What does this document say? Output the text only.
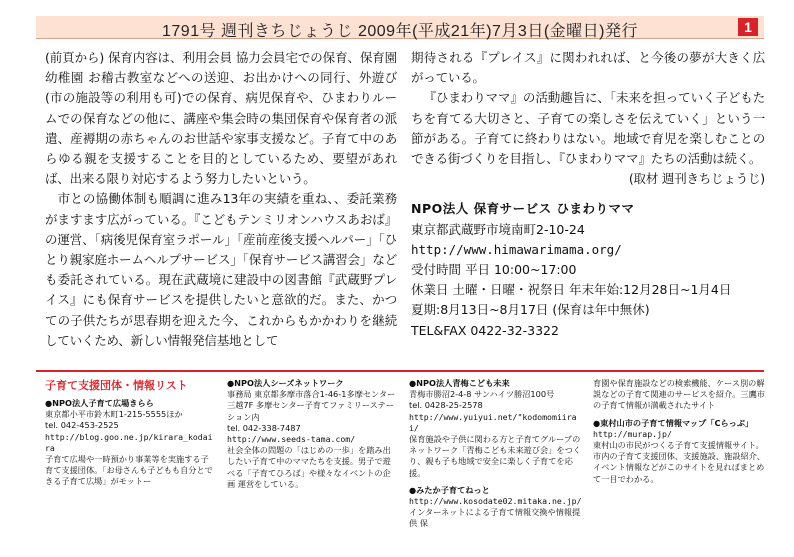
1791号 週刊きちじょうじ 2009年(平成21年)7月3日(金曜日)発行	1

(前頁から) 保育内容は、利用会員 協力会員宅での保育、保育園 幼稚園 お稽古教室などへの送迎、お出かけへの同行、外遊び(市の施設等の利用も可)での保育、病児保育や、ひまわりルームでの保育などの他に、講座や集会時の集団保育や保育者の派遣、産褥期の赤ちゃんのお世話や家事支援など。子育て中のあらゆる親を支援することを目的としているため、要望があれば、出来る限り対応するよう努力したいという。

市との協働体制も順調に進み13年の実績を重ね、、委託業務がますます広がっている。『こどもテンミリオンハウスあおば』の運営、「病後児保育室ラポール」「産前産後支援ヘルパー」「ひとり親家庭ホームヘルプサービス」「保育サービス講習会」なども委託されている。現在武蔵境に建設中の図書館『武蔵野プレイス』にも保育サービスを提供したいと意欲的だ。また、かつての子供たちが思春期を迎えた今、これからもかかわりを継続していくため、新しい情報発信基地として

期待される『プレイス』に関われれば、と今後の夢が大きく広がっている。

『ひまわりママ』の活動趣旨に、「未来を担っていく子どもたちを育てる大切さと、子育ての楽しさを伝えていく」という一節がある。子育てに終わりはない。地域で育児を楽しむことのできる街づくりを目指し、『ひまわりママ』たちの活動は続く。

(取材 週刊きちじょうじ)

NPO法人 保育サービス ひまわりママ
東京都武蔵野市境南町2-10-24
http://www.himawarimama.org/
受付時間 平日 10:00~17:00
休業日 土曜・日曜・祝祭日 年末年始:12月28日~1月4日
夏期:8月13日~8月17日 (保育は年中無休)
TEL&FAX 0422-32-3322
子育て支援団体・情報リスト
●NPO法人子育て広場きらら
東京都小平市鈴木町1-215-5555ほか
tel. 042-453-2525
http://blog.goo.ne.jp/kirara_kodaira
子育て広場や一時預かり事業等を実施する子育て支援団体。「お母さんも子どもも自分とできる子育て広場」がモットー
●NPO法人シーズネットワーク
事務局 東京都多摩市落合1-46-1多摩センター三越7F 多摩センター子育てファミリーステーション内
tel. 042-338-7487
http://www.seeds-tama.com/
社会全体の問題の「はじめの一歩」を踏み出したい子育て中のママたちを支援。男子で遊べる「子育てひろば」や様々なイベントの企画 運営をしている。
●NPO法人青梅こども未来
青梅市勝沼2-4-8 サンハイツ勝沼100号
tel. 0428-25-2578
http://www.yuiyui.net/"kodomomiirai/
保育施設や子供に関わる方と子育てグループのネットワーク「青梅こども未来遊び会」をつくり、親も子も地域で安全に楽しく子育てを応援。
●みたか子育てねっと
http://www.kosodate02.mitaka.ne.jp/
インターネットによる子育て情報交換や情報提供 保
育園や保育施設などの検索機能、ケース別の解説などの子育て関連のサービスを紹介。三鷹市の子育て情報が満載されたサイト
●東村山市の子育て情報マップ「Cらっぷ」
http://murap.jp/
東村山の市民がつくる子育て支援情報サイト。市内の子育て支援団体、支援施設、施設紹介、イベント情報などがこのサイトを見ればまとめて一目でわかる。
